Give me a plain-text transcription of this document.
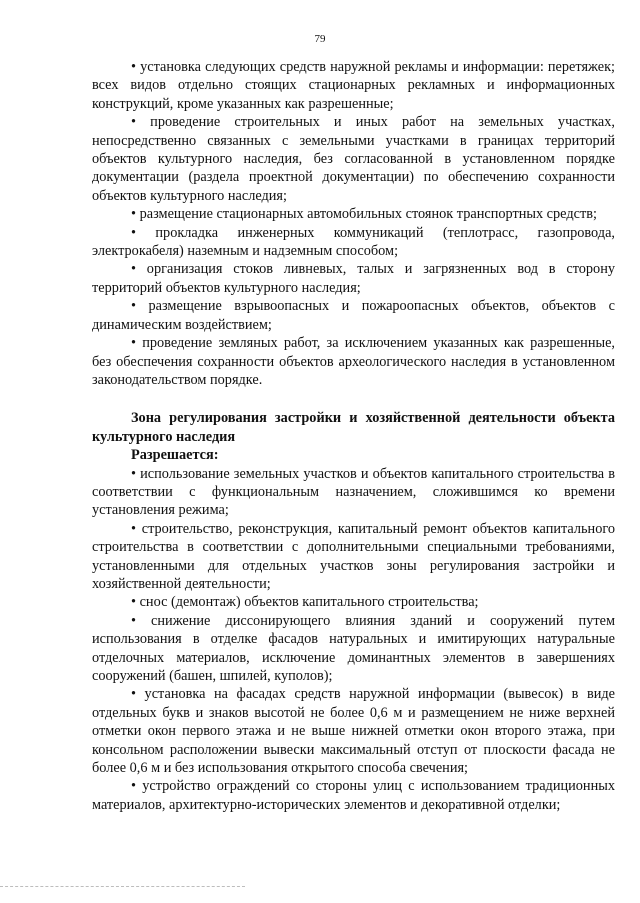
79

• установка следующих средств наружной рекламы и информации: перетяжек; всех видов отдельно стоящих стационарных рекламных и информационных конструкций, кроме указанных как разрешенные;

• проведение строительных и иных работ на земельных участках, непосредственно связанных с земельными участками в границах территорий объектов культурного наследия, без согласованной в установленном порядке документации (раздела проектной документации) по обеспечению сохранности объектов культурного наследия;

• размещение стационарных автомобильных стоянок транспортных средств;

• прокладка инженерных коммуникаций (теплотрасс, газопровода, электрокабеля) наземным и надземным способом;

• организация стоков ливневых, талых и загрязненных вод в сторону территорий объектов культурного наследия;

• размещение взрывоопасных и пожароопасных объектов, объектов с динамическим воздействием;

• проведение земляных работ, за исключением указанных как разрешенные, без обеспечения сохранности объектов археологического наследия в установленном законодательством порядке.

Зона регулирования застройки и хозяйственной деятельности объекта культурного наследия

Разрешается:

• использование земельных участков и объектов капитального строительства в соответствии с функциональным назначением, сложившимся ко времени установления режима;

• строительство, реконструкция, капитальный ремонт объектов капитального строительства в соответствии с дополнительными специальными требованиями, установленными для отдельных участков зоны регулирования застройки и хозяйственной деятельности;

• снос (демонтаж) объектов капитального строительства;

• снижение диссонирующего влияния зданий и сооружений путем использования в отделке фасадов натуральных и имитирующих натуральные отделочных материалов, исключение доминантных элементов в завершениях сооружений (башен, шпилей, куполов);

• установка на фасадах средств наружной информации (вывесок) в виде отдельных букв и знаков высотой не более 0,6 м и размещением не ниже верхней отметки окон первого этажа и не выше нижней отметки окон второго этажа, при консольном расположении вывески максимальный отступ от плоскости фасада не более 0,6 м и без использования открытого способа свечения;

• устройство ограждений со стороны улиц с использованием традиционных материалов, архитектурно-исторических элементов и декоративной отделки;
